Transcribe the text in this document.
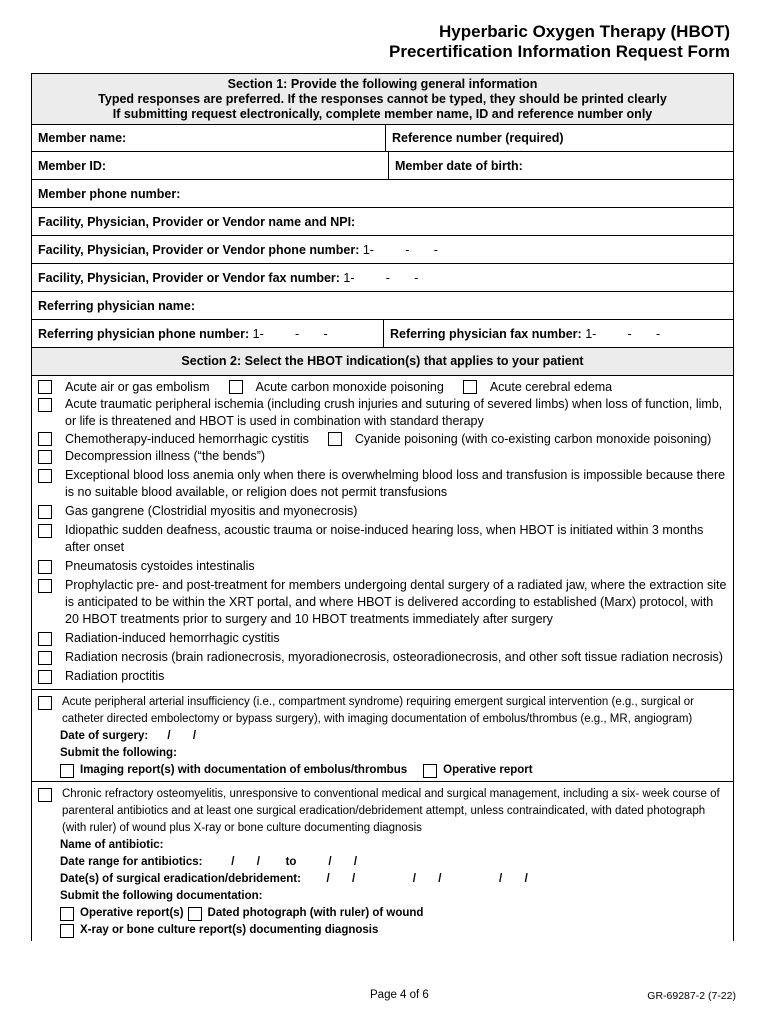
Hyperbaric Oxygen Therapy (HBOT)
Precertification Information Request Form
Section 1: Provide the following general information
Typed responses are preferred. If the responses cannot be typed, they should be printed clearly
If submitting request electronically, complete member name, ID and reference number only
Member name:	Reference number (required)
Member ID:	Member date of birth:
Member phone number:
Facility, Physician, Provider or Vendor name and NPI:
Facility, Physician, Provider or Vendor phone number: 1-         -       -
Facility, Physician, Provider or Vendor fax number: 1-         -       -
Referring physician name:
Referring physician phone number: 1-         -       -	Referring physician fax number: 1-         -       -
Section 2: Select the HBOT indication(s) that applies to your patient
Acute air or gas embolism	Acute carbon monoxide poisoning	Acute cerebral edema
Acute traumatic peripheral ischemia (including crush injuries and suturing of severed limbs) when loss of function, limb, or life is threatened and HBOT is used in combination with standard therapy
Chemotherapy-induced hemorrhagic cystitis	Cyanide poisoning (with co-existing carbon monoxide poisoning)
Decompression illness (“the bends”)
Exceptional blood loss anemia only when there is overwhelming blood loss and transfusion is impossible because there is no suitable blood available, or religion does not permit transfusions
Gas gangrene (Clostridial myositis and myonecrosis)
Idiopathic sudden deafness, acoustic trauma or noise-induced hearing loss, when HBOT is initiated within 3 months after onset
Pneumatosis cystoides intestinalis
Prophylactic pre- and post-treatment for members undergoing dental surgery of a radiated jaw, where the extraction site is anticipated to be within the XRT portal, and where HBOT is delivered according to established (Marx) protocol, with 20 HBOT treatments prior to surgery and 10 HBOT treatments immediately after surgery
Radiation-induced hemorrhagic cystitis
Radiation necrosis (brain radionecrosis, myoradionecrosis, osteoradionecrosis, and other soft tissue radiation necrosis)
Radiation proctitis
Acute peripheral arterial insufficiency (i.e., compartment syndrome) requiring emergent surgical intervention (e.g., surgical or catheter directed embolectomy or bypass surgery), with imaging documentation of embolus/thrombus (e.g., MR, angiogram)
Date of surgery:      /       /
Submit the following:
Imaging report(s) with documentation of embolus/thrombus	Operative report
Chronic refractory osteomyelitis, unresponsive to conventional medical and surgical management, including a six- week course of parenteral antibiotics and at least one surgical eradication/debridement attempt, unless contraindicated, with dated photograph (with ruler) of wound plus X-ray or bone culture documenting diagnosis
Name of antibiotic:
Date range for antibiotics:         /       /        to          /       /
Date(s) of surgical eradication/debridement:        /       /                  /       /                  /       /
Submit the following documentation:
Operative report(s) Dated photograph (with ruler) of wound
X-ray or bone culture report(s) documenting diagnosis
Page 4 of 6	GR-69287-2 (7-22)
